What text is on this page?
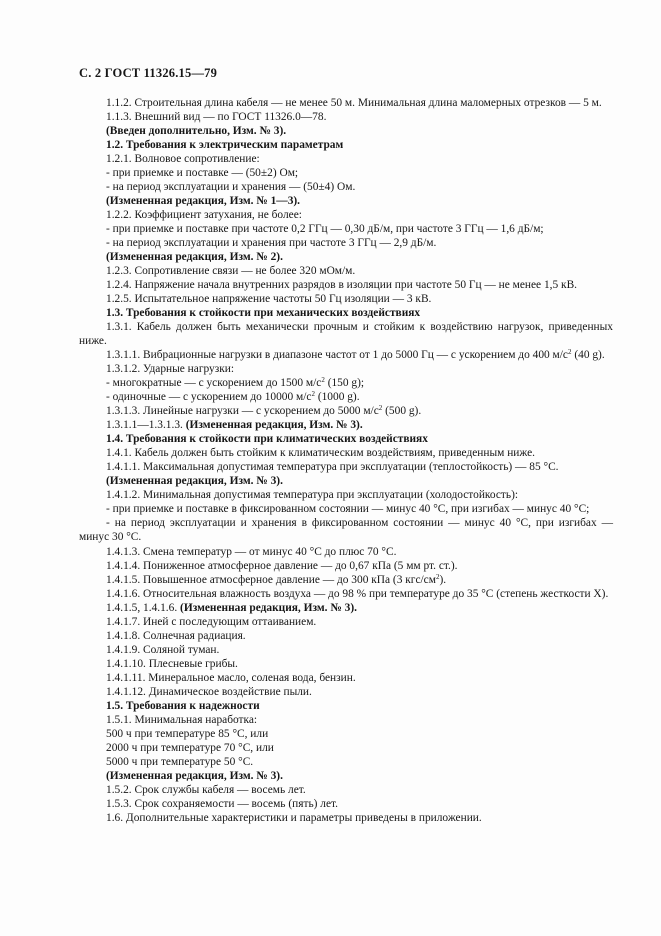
С. 2 ГОСТ 11326.15—79

1.1.2. Строительная длина кабеля — не менее 50 м. Минимальная длина маломерных отрезков — 5 м.

1.1.3. Внешний вид — по ГОСТ 11326.0—78.

(Введен дополнительно, Изм. № 3).

1.2. Требования к электрическим параметрам

1.2.1. Волновое сопротивление:

- при приемке и поставке — (50±2) Ом;

- на период эксплуатации и хранения — (50±4) Ом.

(Измененная редакция, Изм. № 1—3).

1.2.2. Коэффициент затухания, не более:

- при приемке и поставке при частоте 0,2 ГГц — 0,30 дБ/м, при частоте 3 ГГц — 1,6 дБ/м;

- на период эксплуатации и хранения при частоте 3 ГГц — 2,9 дБ/м.

(Измененная редакция, Изм. № 2).

1.2.3. Сопротивление связи — не более 320 мОм/м.

1.2.4. Напряжение начала внутренних разрядов в изоляции при частоте 50 Гц — не менее 1,5 кВ.

1.2.5. Испытательное напряжение частоты 50 Гц изоляции — 3 кВ.

1.3. Требования к стойкости при механических воздействиях

1.3.1. Кабель должен быть механически прочным и стойким к воздействию нагрузок, приведенных ниже.

1.3.1.1. Вибрационные нагрузки в диапазоне частот от 1 до 5000 Гц — с ускорением до 400 $м/с^2$ (40 g).

1.3.1.2. Ударные нагрузки:

- многократные — с ускорением до 1500 $м/с^2$ (150 g);

- одиночные — с ускорением до 10000 $м/с^2$ (1000 g).

1.3.1.3. Линейные нагрузки — с ускорением до 5000 $м/с^2$ (500 g).

1.3.1.1—1.3.1.3. (Измененная редакция, Изм. № 3).

1.4. Требования к стойкости при климатических воздействиях

1.4.1. Кабель должен быть стойким к климатическим воздействиям, приведенным ниже.

1.4.1.1. Максимальная допустимая температура при эксплуатации (теплостойкость) — 85 °С.

(Измененная редакция, Изм. № 3).

1.4.1.2. Минимальная допустимая температура при эксплуатации (холодостойкость):

- при приемке и поставке в фиксированном состоянии — минус 40 °С, при изгибах — минус 40 °С;

- на период эксплуатации и хранения в фиксированном состоянии — минус 40 °С, при изгибах — минус 30 °С.

1.4.1.3. Смена температур — от минус 40 °С до плюс 70 °С.

1.4.1.4. Пониженное атмосферное давление — до 0,67 кПа (5 мм рт. ст.).

1.4.1.5. Повышенное атмосферное давление — до 300 кПа (3 кгс/$см^2$).

1.4.1.6. Относительная влажность воздуха — до 98 % при температуре до 35 °С (степень жесткости X).

1.4.1.5, 1.4.1.6. (Измененная редакция, Изм. № 3).

1.4.1.7. Иней с последующим оттаиванием.

1.4.1.8. Солнечная радиация.

1.4.1.9. Соляной туман.

1.4.1.10. Плесневые грибы.

1.4.1.11. Минеральное масло, соленая вода, бензин.

1.4.1.12. Динамическое воздействие пыли.

1.5. Требования к надежности

1.5.1. Минимальная наработка:

500 ч при температуре 85 °С, или

2000 ч при температуре 70 °С, или

5000 ч при температуре 50 °С.

(Измененная редакция, Изм. № 3).

1.5.2. Срок службы кабеля — восемь лет.

1.5.3. Срок сохраняемости — восемь (пять) лет.

1.6. Дополнительные характеристики и параметры приведены в приложении.
